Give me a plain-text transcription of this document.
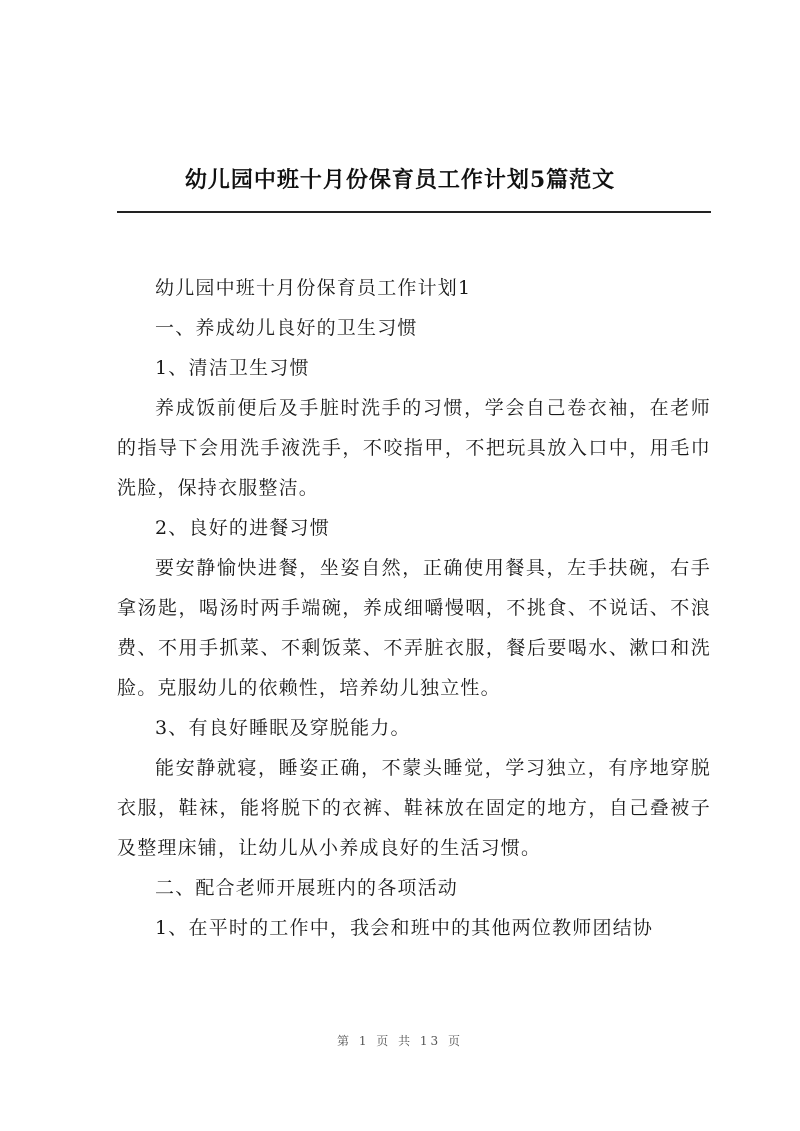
幼儿园中班十月份保育员工作计划5篇范文

幼儿园中班十月份保育员工作计划1

一、养成幼儿良好的卫生习惯

1、清洁卫生习惯

养成饭前便后及手脏时洗手的习惯，学会自己卷衣袖，在老师的指导下会用洗手液洗手，不咬指甲，不把玩具放入口中，用毛巾洗脸，保持衣服整洁。

2、良好的进餐习惯

要安静愉快进餐，坐姿自然，正确使用餐具，左手扶碗，右手拿汤匙，喝汤时两手端碗，养成细嚼慢咽，不挑食、不说话、不浪费、不用手抓菜、不剩饭菜、不弄脏衣服，餐后要喝水、漱口和洗脸。克服幼儿的依赖性，培养幼儿独立性。

3、有良好睡眠及穿脱能力。

能安静就寝，睡姿正确，不蒙头睡觉，学习独立，有序地穿脱衣服，鞋袜，能将脱下的衣裤、鞋袜放在固定的地方，自己叠被子及整理床铺，让幼儿从小养成良好的生活习惯。

二、配合老师开展班内的各项活动

1、在平时的工作中，我会和班中的其他两位教师团结协

第 1 页 共 13 页
